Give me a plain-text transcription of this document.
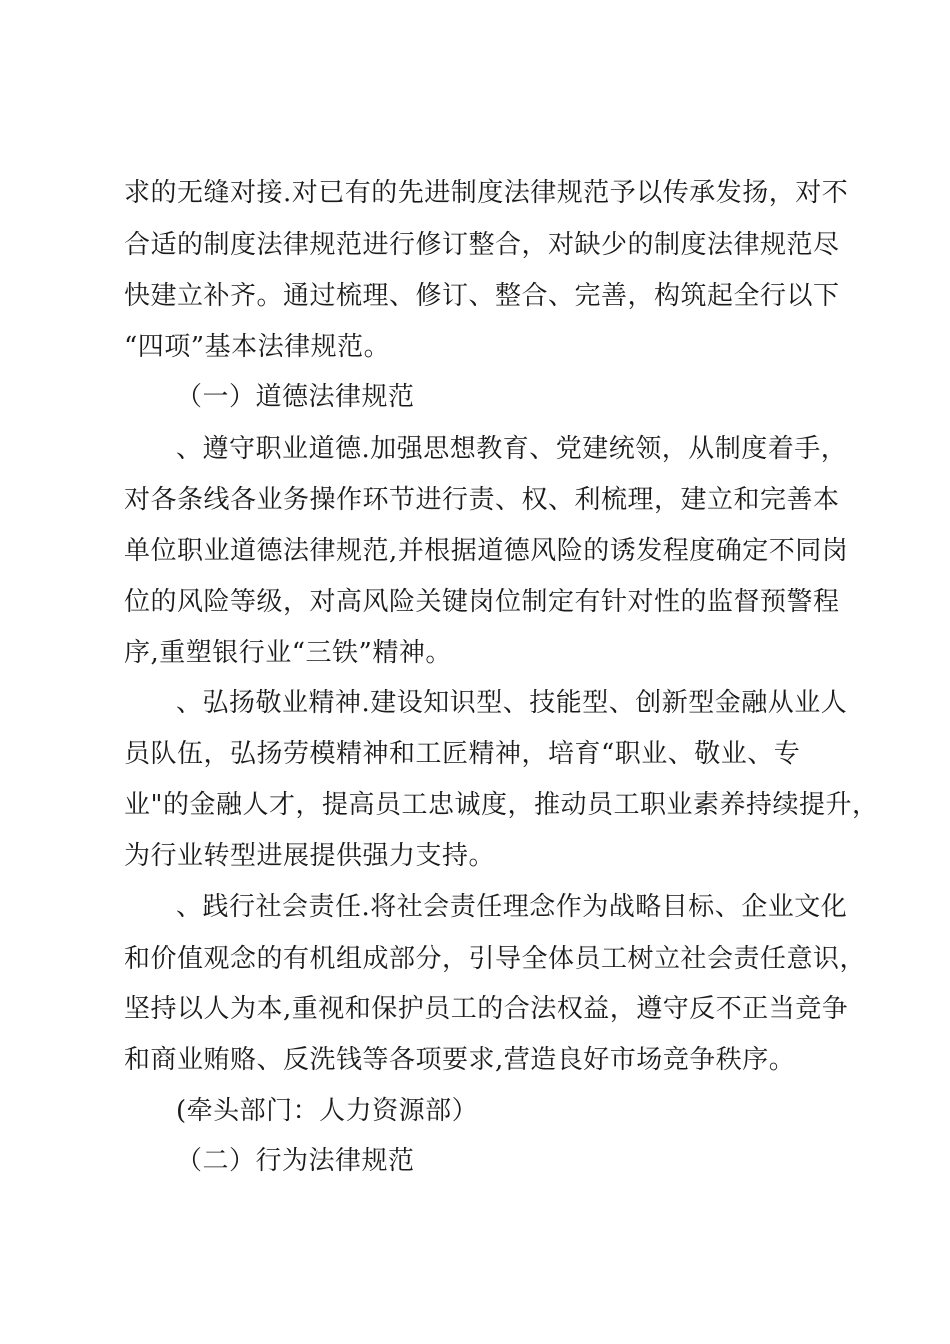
求的无缝对接.对已有的先进制度法律规范予以传承发扬，对不
合适的制度法律规范进行修订整合，对缺少的制度法律规范尽
快建立补齐。通过梳理、修订、整合、完善，构筑起全行以下
“四项”基本法律规范。
（一）道德法律规范
、遵守职业道德.加强思想教育、党建统领，从制度着手，
对各条线各业务操作环节进行责、权、利梳理，建立和完善本
单位职业道德法律规范,并根据道德风险的诱发程度确定不同岗
位的风险等级，对高风险关键岗位制定有针对性的监督预警程
序,重塑银行业“三铁”精神。
、弘扬敬业精神.建设知识型、技能型、创新型金融从业人
员队伍，弘扬劳模精神和工匠精神，培育“职业、敬业、专
业"的金融人才，提高员工忠诚度，推动员工职业素养持续提升，
为行业转型进展提供强力支持。
、践行社会责任.将社会责任理念作为战略目标、企业文化
和价值观念的有机组成部分，引导全体员工树立社会责任意识，
坚持以人为本,重视和保护员工的合法权益，遵守反不正当竞争
和商业贿赂、反洗钱等各项要求,营造良好市场竞争秩序。
(牵头部门：人力资源部）
（二）行为法律规范
